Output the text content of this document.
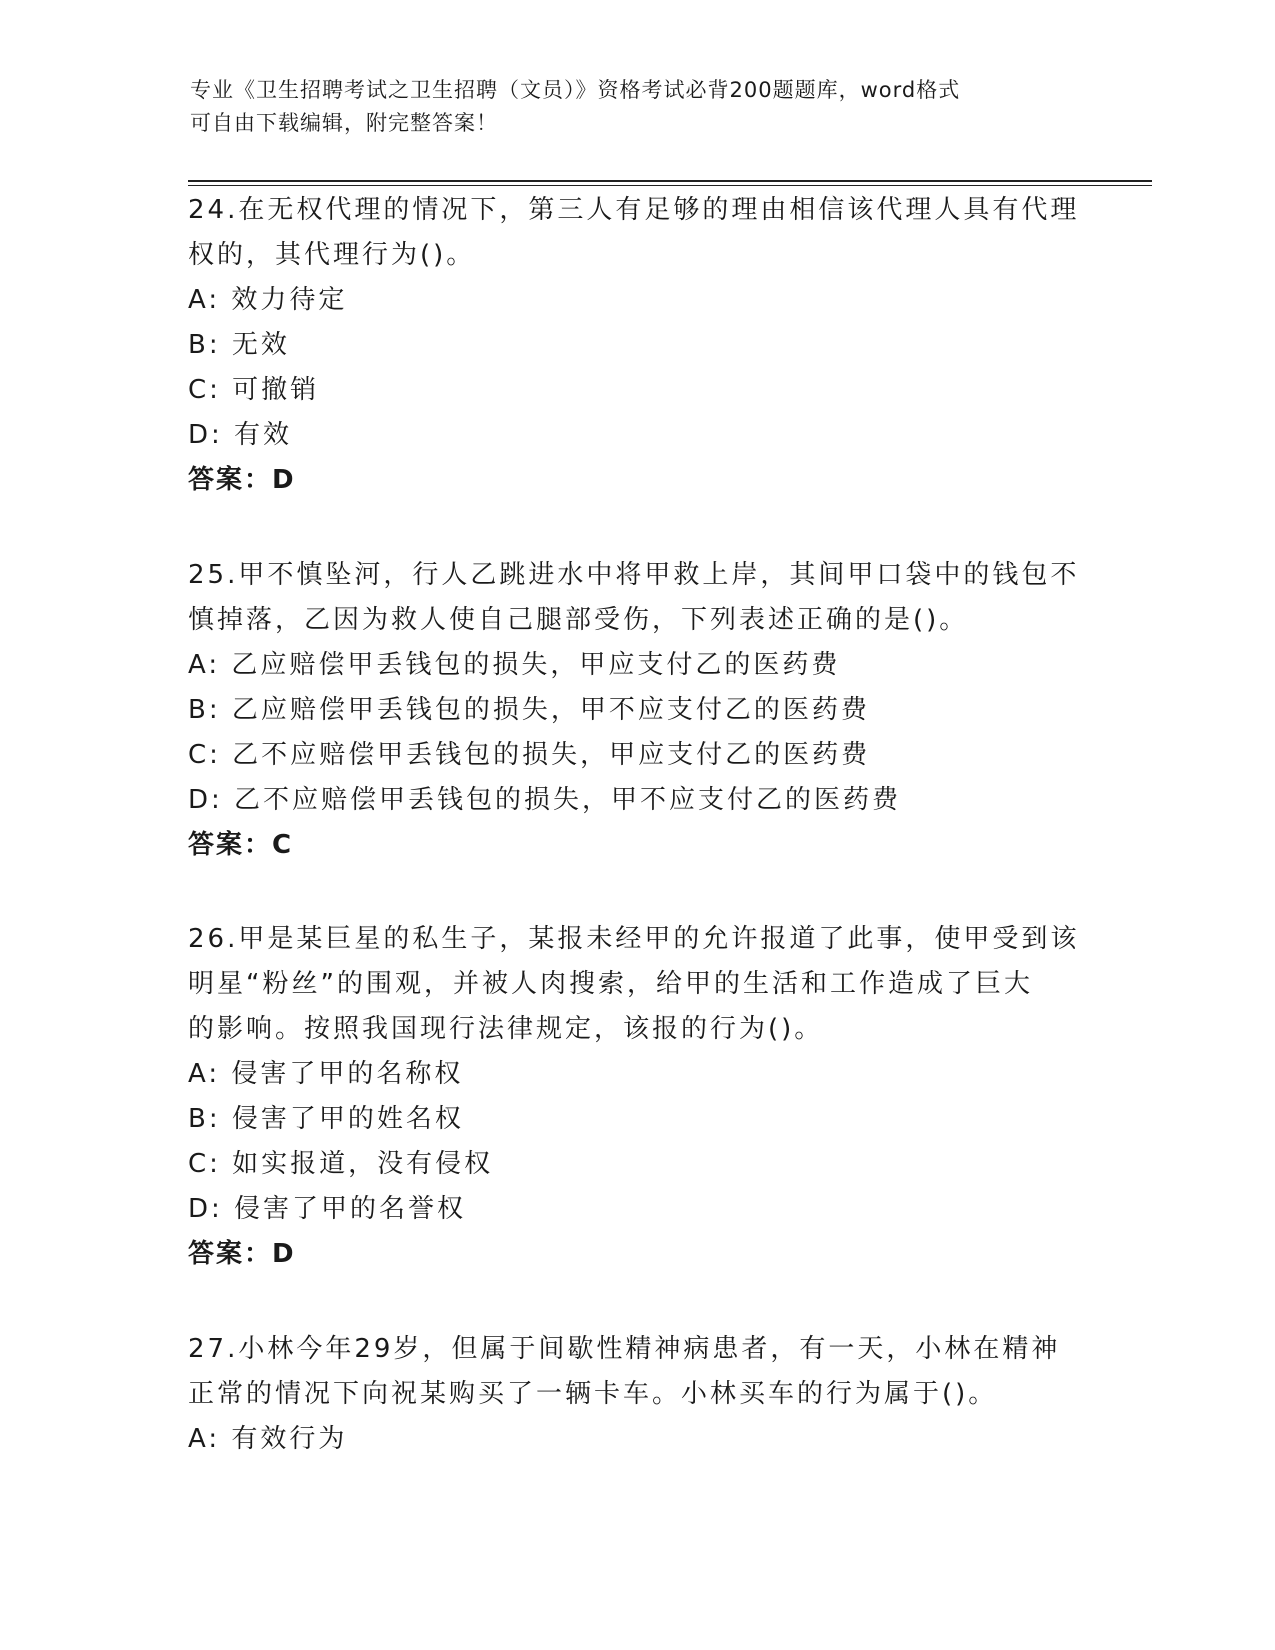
专业《卫生招聘考试之卫生招聘（文员）》资格考试必背200题题库，word格式
可自由下载编辑，附完整答案！
24.在无权代理的情况下，第三人有足够的理由相信该代理人具有代理
权的，其代理行为()。
A: 效力待定
B: 无效
C: 可撤销
D: 有效
答案：D
25.甲不慎坠河，行人乙跳进水中将甲救上岸，其间甲口袋中的钱包不
慎掉落，乙因为救人使自己腿部受伤，下列表述正确的是()。
A: 乙应赔偿甲丢钱包的损失，甲应支付乙的医药费
B: 乙应赔偿甲丢钱包的损失，甲不应支付乙的医药费
C: 乙不应赔偿甲丢钱包的损失，甲应支付乙的医药费
D: 乙不应赔偿甲丢钱包的损失，甲不应支付乙的医药费
答案：C
26.甲是某巨星的私生子，某报未经甲的允许报道了此事，使甲受到该
明星“粉丝”的围观，并被人肉搜索，给甲的生活和工作造成了巨大
的影响。按照我国现行法律规定，该报的行为()。
A: 侵害了甲的名称权
B: 侵害了甲的姓名权
C: 如实报道，没有侵权
D: 侵害了甲的名誉权
答案：D
27.小林今年29岁，但属于间歇性精神病患者，有一天，小林在精神
正常的情况下向祝某购买了一辆卡车。小林买车的行为属于()。
A: 有效行为
